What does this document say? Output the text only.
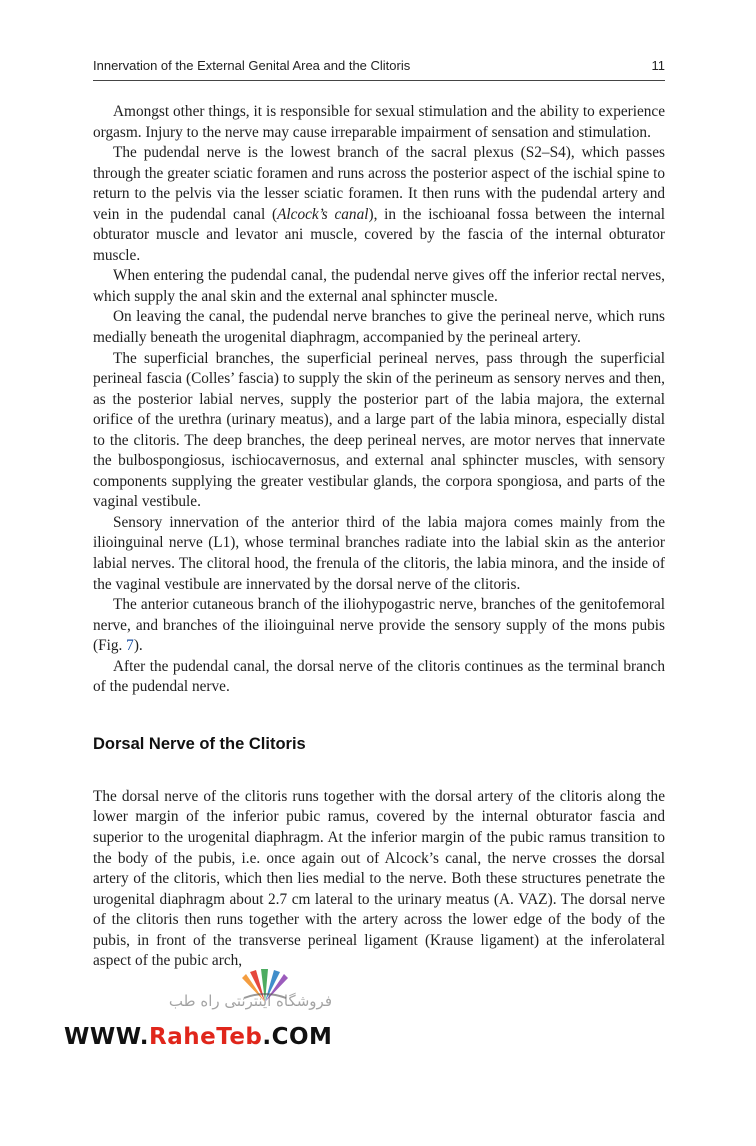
Innervation of the External Genital Area and the Clitoris	11

Amongst other things, it is responsible for sexual stimulation and the ability to experience orgasm. Injury to the nerve may cause irreparable impairment of sensation and stimulation.

The pudendal nerve is the lowest branch of the sacral plexus (S2–S4), which passes through the greater sciatic foramen and runs across the posterior aspect of the ischial spine to return to the pelvis via the lesser sciatic foramen. It then runs with the pudendal artery and vein in the pudendal canal (Alcock’s canal), in the ischioanal fossa between the internal obturator muscle and levator ani muscle, covered by the fascia of the internal obturator muscle.

When entering the pudendal canal, the pudendal nerve gives off the inferior rectal nerves, which supply the anal skin and the external anal sphincter muscle.

On leaving the canal, the pudendal nerve branches to give the perineal nerve, which runs medially beneath the urogenital diaphragm, accompanied by the perineal artery.

The superficial branches, the superficial perineal nerves, pass through the superficial perineal fascia (Colles’ fascia) to supply the skin of the perineum as sensory nerves and then, as the posterior labial nerves, supply the posterior part of the labia majora, the external orifice of the urethra (urinary meatus), and a large part of the labia minora, especially distal to the clitoris. The deep branches, the deep perineal nerves, are motor nerves that innervate the bulbospongiosus, ischiocavernosus, and external anal sphincter muscles, with sensory components supplying the greater vestibular glands, the corpora spongiosa, and parts of the vaginal vestibule.

Sensory innervation of the anterior third of the labia majora comes mainly from the ilioinguinal nerve (L1), whose terminal branches radiate into the labial skin as the anterior labial nerves. The clitoral hood, the frenula of the clitoris, the labia minora, and the inside of the vaginal vestibule are innervated by the dorsal nerve of the clitoris.

The anterior cutaneous branch of the iliohypogastric nerve, branches of the genitofemoral nerve, and branches of the ilioinguinal nerve provide the sensory supply of the mons pubis (Fig. 7).

After the pudendal canal, the dorsal nerve of the clitoris continues as the terminal branch of the pudendal nerve.

Dorsal Nerve of the Clitoris

The dorsal nerve of the clitoris runs together with the dorsal artery of the clitoris along the lower margin of the inferior pubic ramus, covered by the internal obturator fascia and superior to the urogenital diaphragm. At the inferior margin of the pubic ramus transition to the body of the pubis, i.e. once again out of Alcock’s canal, the nerve crosses the dorsal artery of the clitoris, which then lies medial to the nerve. Both these structures penetrate the urogenital diaphragm about 2.7 cm lateral to the urinary meatus (A. VAZ). The dorsal nerve of the clitoris then runs together with the artery across the lower edge of the body of the pubis, in front of the transverse perineal ligament (Krause ligament) at the inferolateral aspect of the pubic arch,

فروشگاه اینترنتی راه طب
WWW.RaheTeb.COM
